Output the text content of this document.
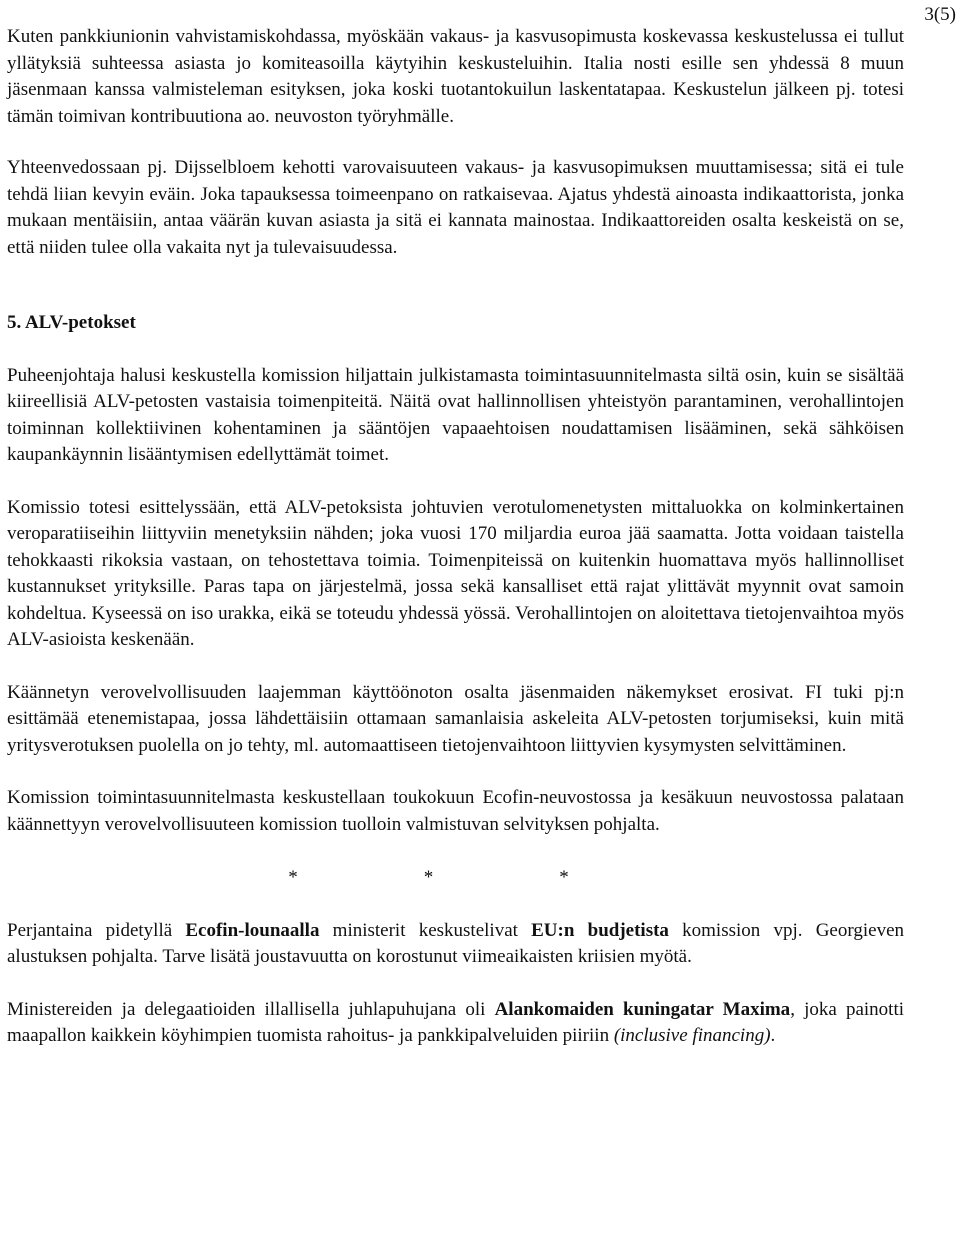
3(5)

Kuten pankkiunionin vahvistamiskohdassa, myöskään vakaus- ja kasvusopimusta koskevassa keskustelussa ei tullut yllätyksiä suhteessa asiasta jo komiteasoilla käytyihin keskusteluihin. Italia nosti esille sen yhdessä 8 muun jäsenmaan kanssa valmisteleman esityksen, joka koski tuotantokuilun laskentatapaa. Keskustelun jälkeen pj. totesi tämän toimivan kontribuutiona ao. neuvoston työryhmälle.

Yhteenvedossaan pj. Dijsselbloem kehotti varovaisuuteen vakaus- ja kasvusopimuksen muuttamisessa; sitä ei tule tehdä liian kevyin eväin. Joka tapauksessa toimeenpano on ratkaisevaa. Ajatus yhdestä ainoasta indikaattorista, jonka mukaan mentäisiin, antaa väärän kuvan asiasta ja sitä ei kannata mainostaa. Indikaattoreiden osalta keskeistä on se, että niiden tulee olla vakaita nyt ja tulevaisuudessa.

5. ALV-petokset

Puheenjohtaja halusi keskustella komission hiljattain julkistamasta toimintasuunnitelmasta siltä osin, kuin se sisältää kiireellisiä ALV-petosten vastaisia toimenpiteitä. Näitä ovat hallinnollisen yhteistyön parantaminen, verohallintojen toiminnan kollektiivinen kohentaminen ja sääntöjen vapaaehtoisen noudattamisen lisääminen, sekä sähköisen kaupankäynnin lisääntymisen edellyttämät toimet.

Komissio totesi esittelyssään, että ALV-petoksista johtuvien verotulomenetysten mittaluokka on kolminkertainen veroparatiiseihin liittyviin menetyksiin nähden; joka vuosi 170 miljardia euroa jää saamatta. Jotta voidaan taistella tehokkaasti rikoksia vastaan, on tehostettava toimia. Toimenpiteissä on kuitenkin huomattava myös hallinnolliset kustannukset yrityksille. Paras tapa on järjestelmä, jossa sekä kansalliset että rajat ylittävät myynnit ovat samoin kohdeltua. Kyseessä on iso urakka, eikä se toteudu yhdessä yössä. Verohallintojen on aloitettava tietojenvaihtoa myös ALV-asioista keskenään.

Käännetyn verovelvollisuuden laajemman käyttöönoton osalta jäsenmaiden näkemykset erosivat. FI tuki pj:n esittämää etenemistapaa, jossa lähdettäisiin ottamaan samanlaisia askeleita ALV-petosten torjumiseksi, kuin mitä yritysverotuksen puolella on jo tehty, ml. automaattiseen tietojenvaihtoon liittyvien kysymysten selvittäminen.

Komission toimintasuunnitelmasta keskustellaan toukokuun Ecofin-neuvostossa ja kesäkuun neuvostossa palataan käännettyyn verovelvollisuuteen komission tuolloin valmistuvan selvityksen pohjalta.

*	*	*

Perjantaina pidetyllä Ecofin-lounaalla ministerit keskustelivat EU:n budjetista komission vpj. Georgieven alustuksen pohjalta. Tarve lisätä joustavuutta on korostunut viimeaikaisten kriisien myötä.

Ministereiden ja delegaatioiden illallisella juhlapuhujana oli Alankomaiden kuningatar Maxima, joka painotti maapallon kaikkein köyhimpien tuomista rahoitus- ja pankkipalveluiden piiriin (inclusive financing).
